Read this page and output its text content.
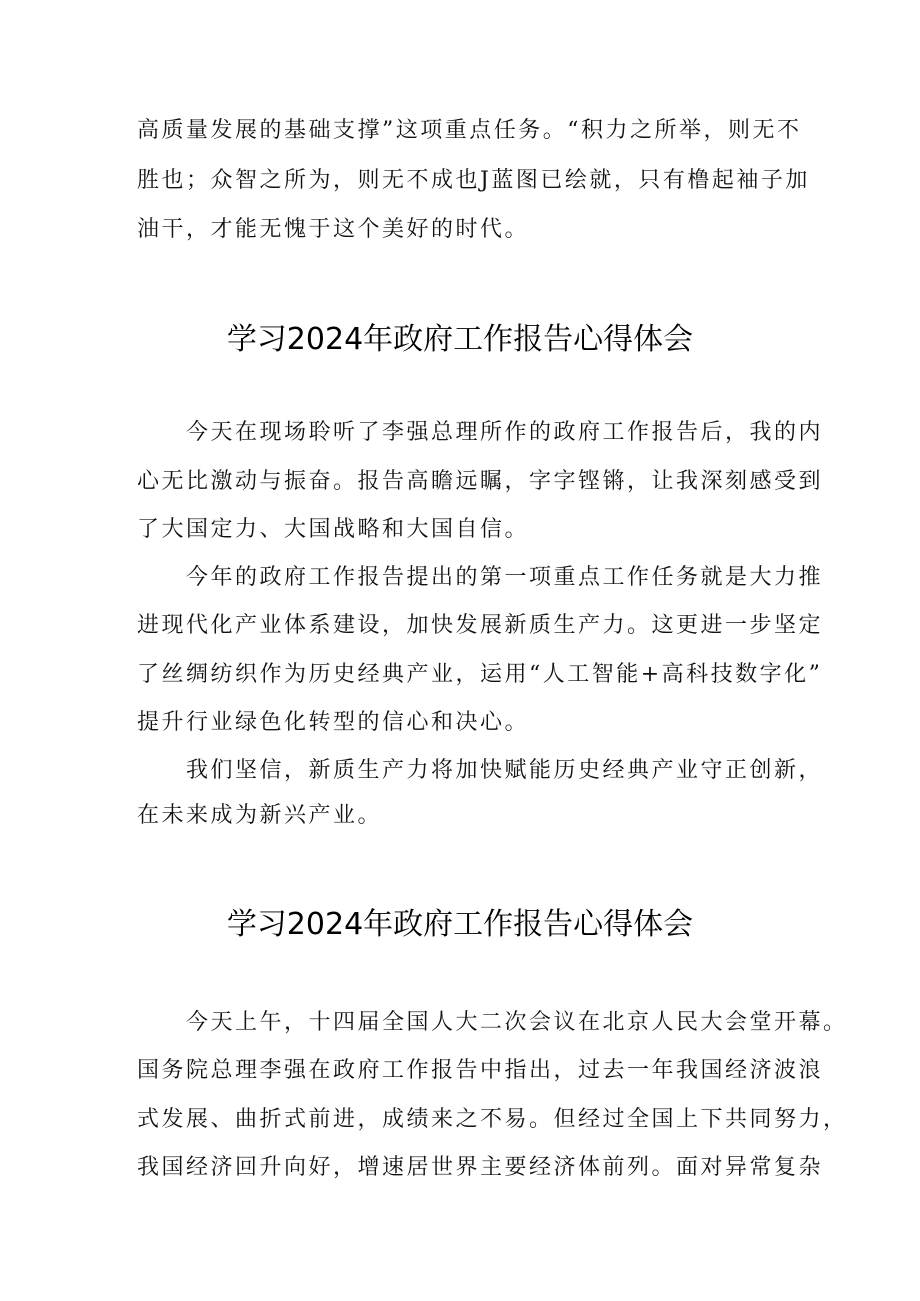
高质量发展的基础支撑”这项重点任务。“积力之所举，则无不
胜也；众智之所为，则无不成也J蓝图已绘就，只有橹起袖子加
油干，才能无愧于这个美好的时代。
学习2024年政府工作报告心得体会
今天在现场聆听了李强总理所作的政府工作报告后，我的内
心无比激动与振奋。报告高瞻远瞩，字字铿锵，让我深刻感受到
了大国定力、大国战略和大国自信。
今年的政府工作报告提出的第一项重点工作任务就是大力推
进现代化产业体系建设，加快发展新质生产力。这更进一步坚定
了丝绸纺织作为历史经典产业，运用“人工智能+高科技数字化”
提升行业绿色化转型的信心和决心。
我们坚信，新质生产力将加快赋能历史经典产业守正创新，
在未来成为新兴产业。
学习2024年政府工作报告心得体会
今天上午，十四届全国人大二次会议在北京人民大会堂开幕。
国务院总理李强在政府工作报告中指出，过去一年我国经济波浪
式发展、曲折式前进，成绩来之不易。但经过全国上下共同努力，
我国经济回升向好，增速居世界主要经济体前列。面对异常复杂
